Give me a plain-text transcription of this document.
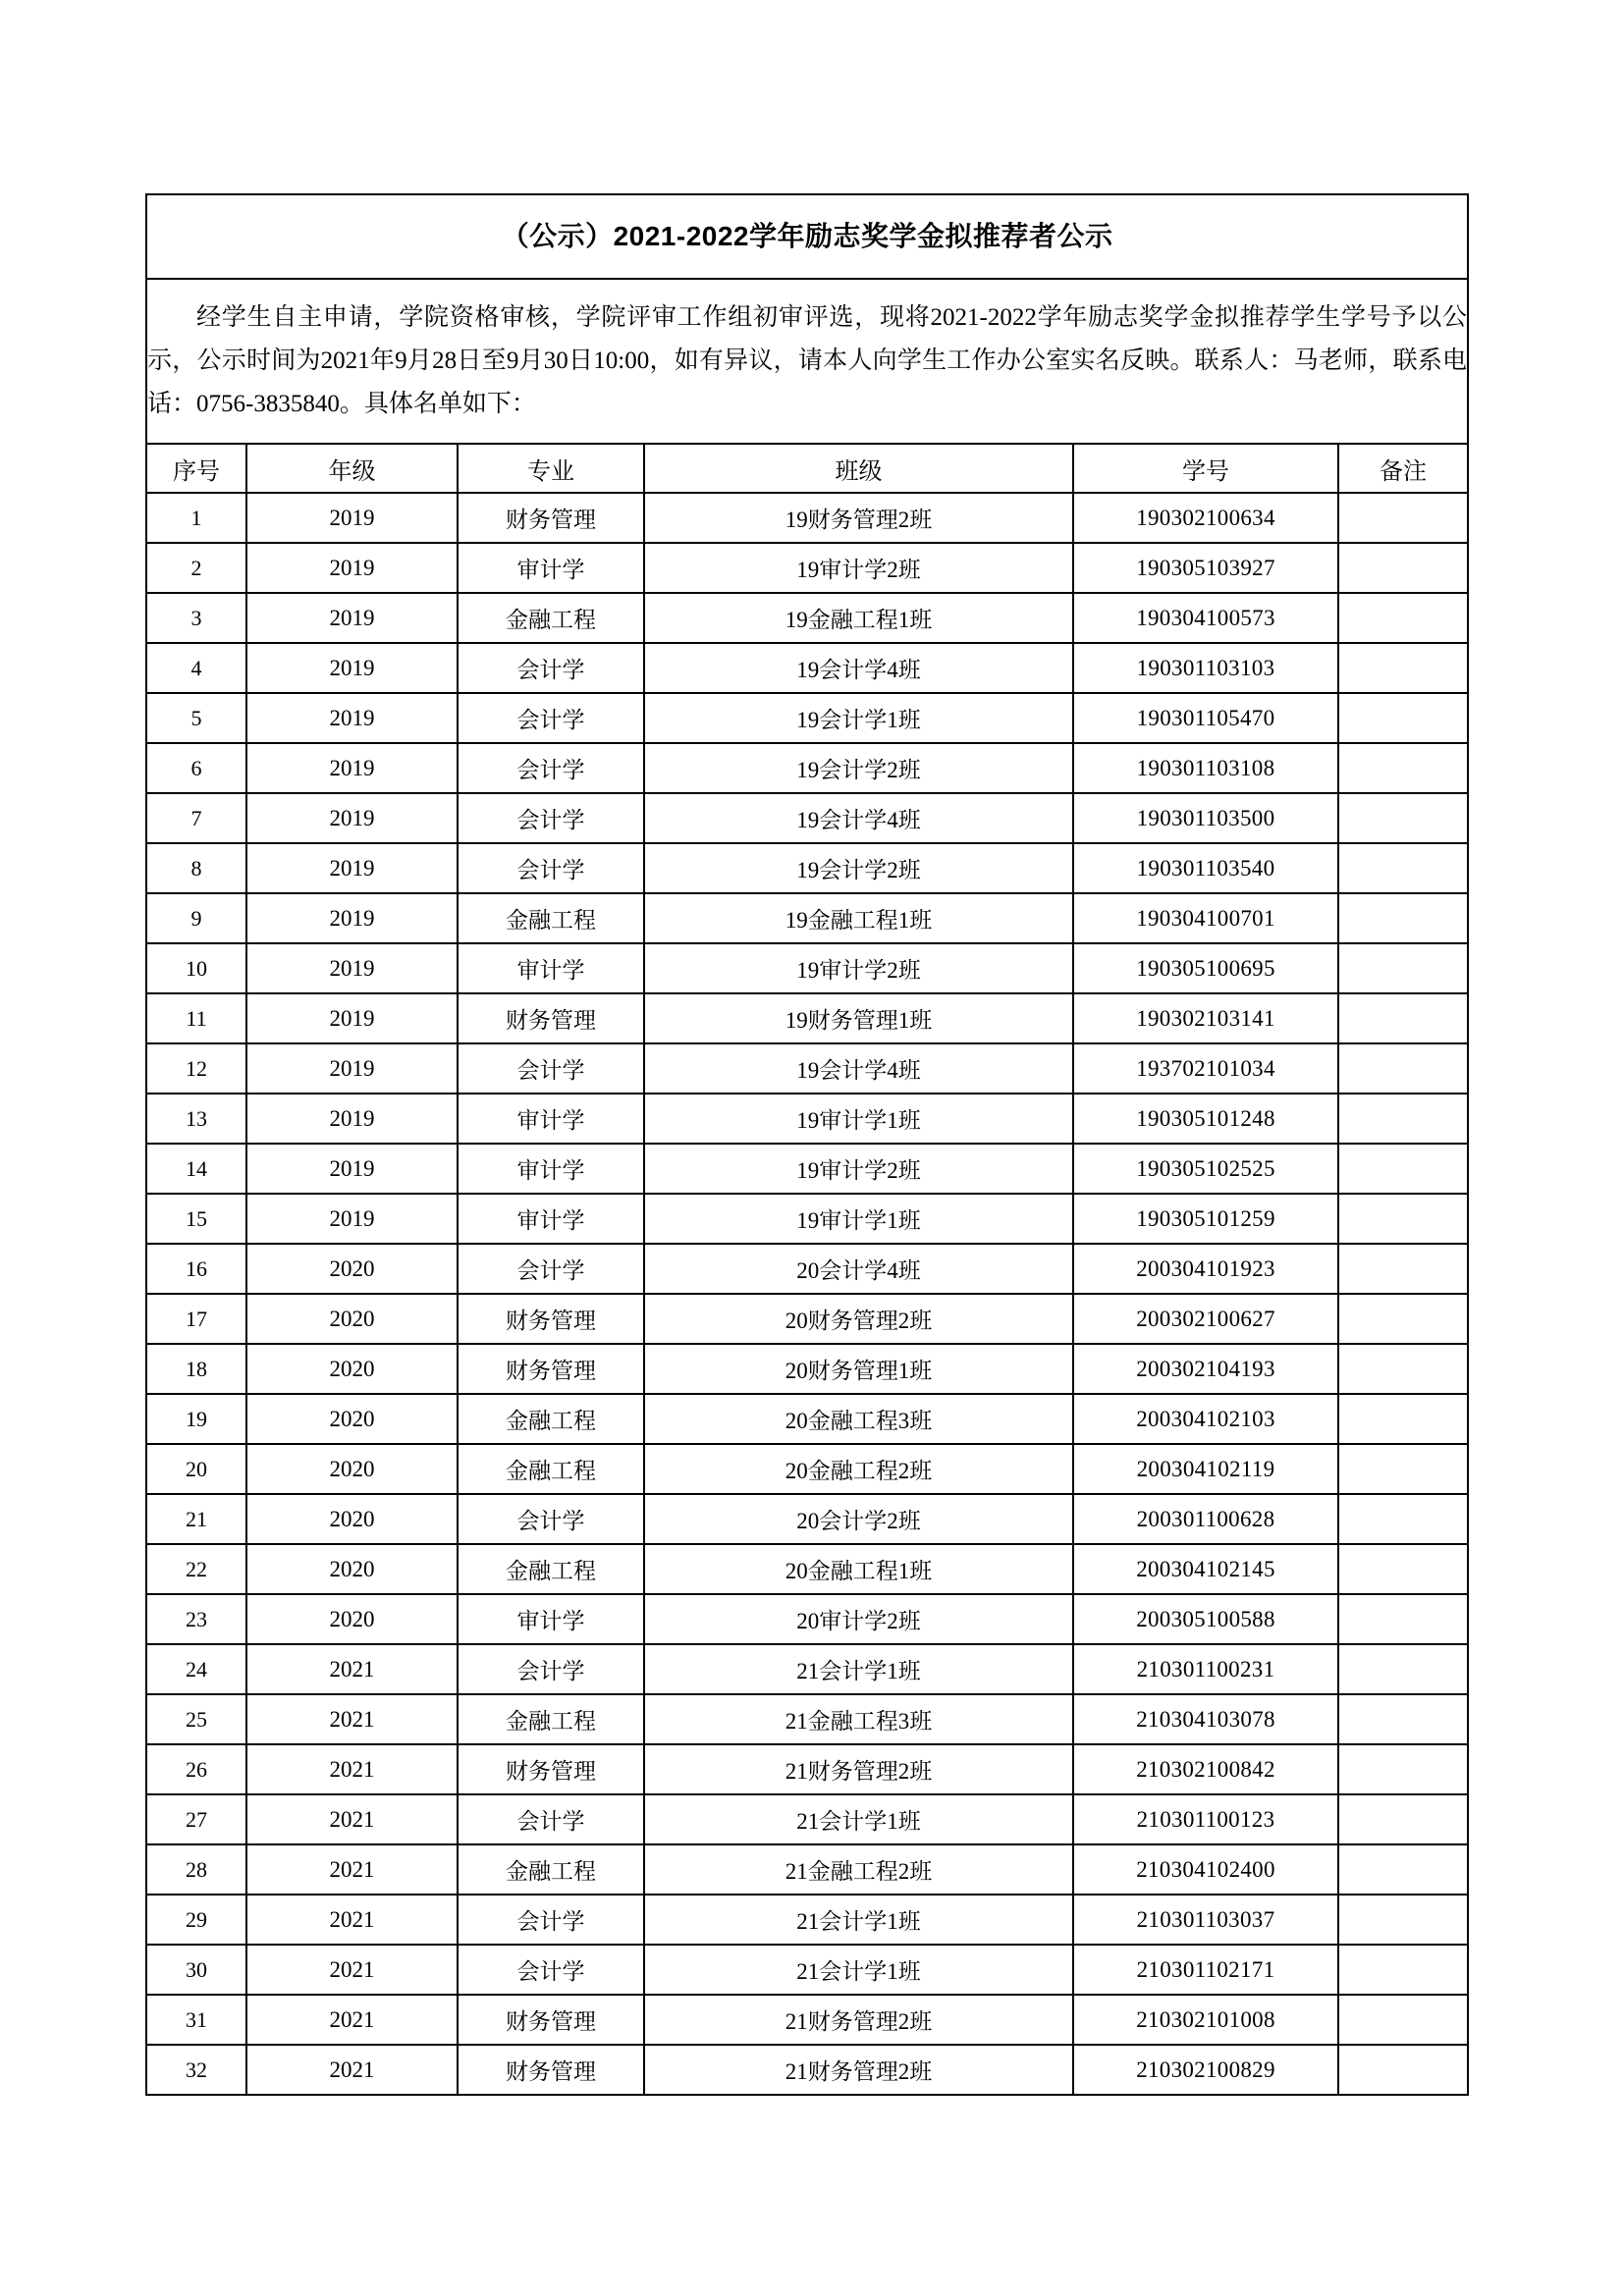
（公示）2021-2022学年励志奖学金拟推荐者公示					

经学生自主申请，学院资格审核，学院评审工作组初审评选，现将2021-2022学年励志奖学金拟推荐学生学号予以公示，公示时间为2021年9月28日至9月30日10:00，如有异议，请本人向学生工作办公室实名反映。联系人：马老师，联系电话：0756-3835840。具体名单如下：					

序号	年级	专业	班级	学号	备注
1	2019	财务管理	19财务管理2班	190302100634	
2	2019	审计学	19审计学2班	190305103927	
3	2019	金融工程	19金融工程1班	190304100573	
4	2019	会计学	19会计学4班	190301103103	
5	2019	会计学	19会计学1班	190301105470	
6	2019	会计学	19会计学2班	190301103108	
7	2019	会计学	19会计学4班	190301103500	
8	2019	会计学	19会计学2班	190301103540	
9	2019	金融工程	19金融工程1班	190304100701	
10	2019	审计学	19审计学2班	190305100695	
11	2019	财务管理	19财务管理1班	190302103141	
12	2019	会计学	19会计学4班	193702101034	
13	2019	审计学	19审计学1班	190305101248	
14	2019	审计学	19审计学2班	190305102525	
15	2019	审计学	19审计学1班	190305101259	
16	2020	会计学	20会计学4班	200304101923	
17	2020	财务管理	20财务管理2班	200302100627	
18	2020	财务管理	20财务管理1班	200302104193	
19	2020	金融工程	20金融工程3班	200304102103	
20	2020	金融工程	20金融工程2班	200304102119	
21	2020	会计学	20会计学2班	200301100628	
22	2020	金融工程	20金融工程1班	200304102145	
23	2020	审计学	20审计学2班	200305100588	
24	2021	会计学	21会计学1班	210301100231	
25	2021	金融工程	21金融工程3班	210304103078	
26	2021	财务管理	21财务管理2班	210302100842	
27	2021	会计学	21会计学1班	210301100123	
28	2021	金融工程	21金融工程2班	210304102400	
29	2021	会计学	21会计学1班	210301103037	
30	2021	会计学	21会计学1班	210301102171	
31	2021	财务管理	21财务管理2班	210302101008	
32	2021	财务管理	21财务管理2班	210302100829	
